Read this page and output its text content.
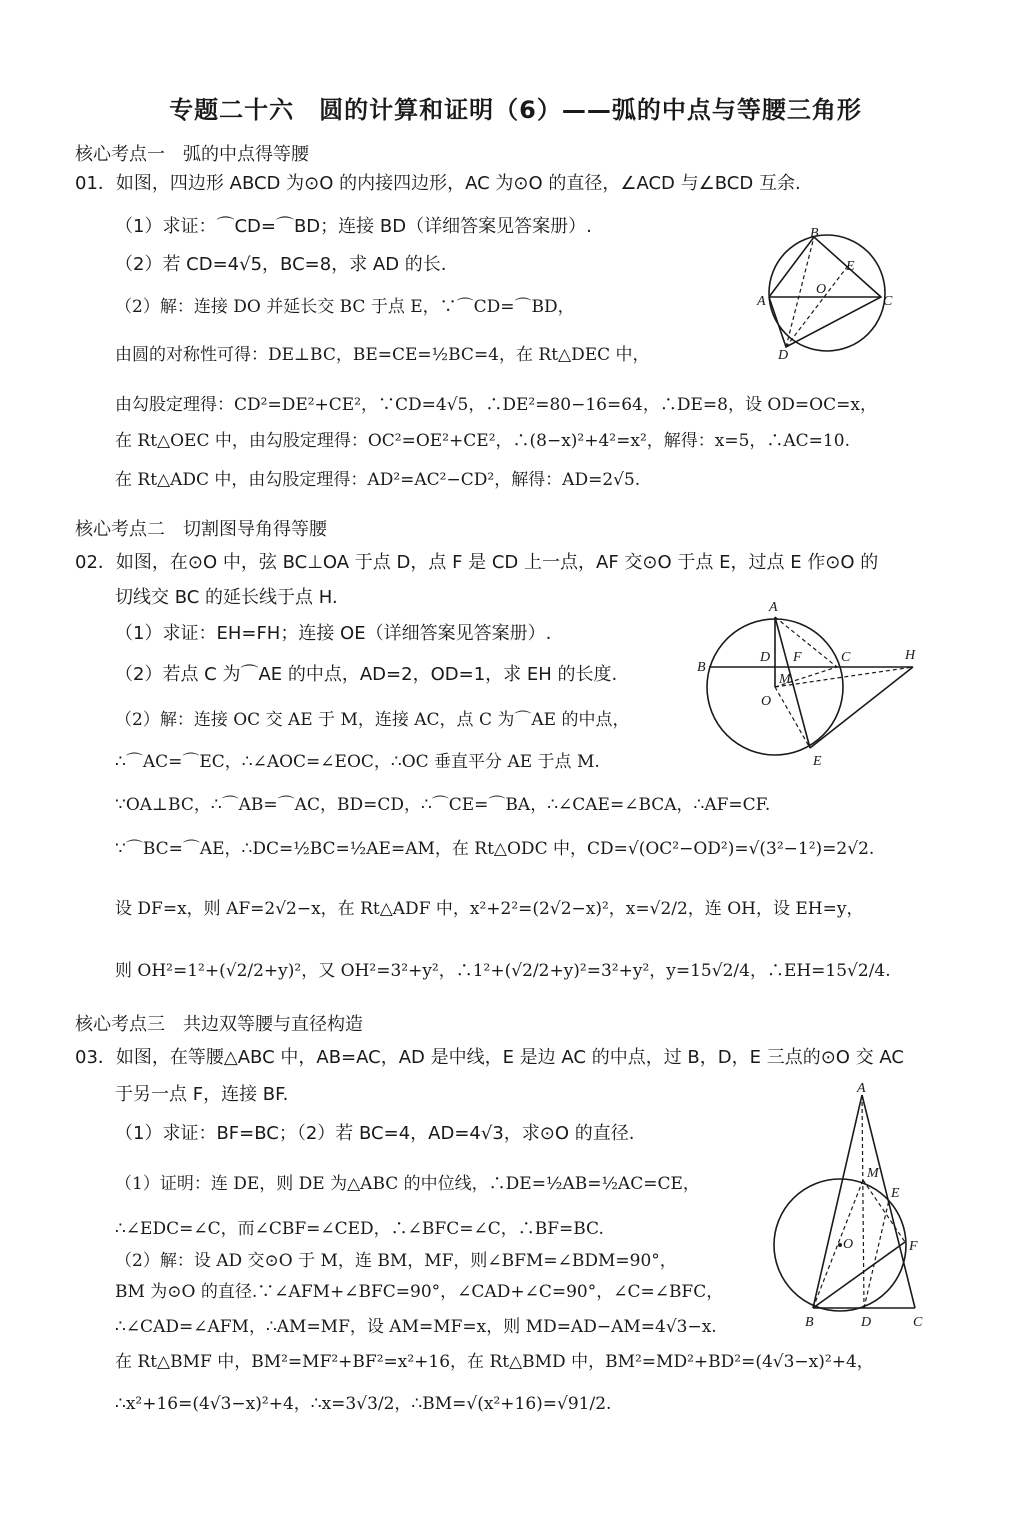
专题二十六　圆的计算和证明（6）——弧的中点与等腰三角形
核心考点一　弧的中点得等腰
01．如图，四边形 ABCD 为⊙O 的内接四边形，AC 为⊙O 的直径，∠ACD 与∠BCD 互余.
（1）求证：⌒CD=⌒BD；连接 BD（详细答案见答案册）.
（2）若 CD=4√5，BC=8，求 AD 的长.
（2）解：连接 DO 并延长交 BC 于点 E，∵⌒CD=⌒BD，
由圆的对称性可得：DE⊥BC，BE=CE=½BC=4，在 Rt△DEC 中，
由勾股定理得：CD²=DE²+CE²，∵CD=4√5，∴DE²=80−16=64，∴DE=8，设 OD=OC=x，
在 Rt△OEC 中，由勾股定理得：OC²=OE²+CE²，∴(8−x)²+4²=x²，解得：x=5，∴AC=10.
在 Rt△ADC 中，由勾股定理得：AD²=AC²−CD²，解得：AD=2√5.
B
E
O
A	C
D
核心考点二　切割图导角得等腰
02．如图，在⊙O 中，弦 BC⊥OA 于点 D，点 F 是 CD 上一点，AF 交⊙O 于点 E，过点 E 作⊙O 的
切线交 BC 的延长线于点 H.
（1）求证：EH=FH；连接 OE（详细答案见答案册）.
（2）若点 C 为⌒AE 的中点，AD=2，OD=1，求 EH 的长度.
（2）解：连接 OC 交 AE 于 M，连接 AC，点 C 为⌒AE 的中点，
∴⌒AC=⌒EC，∴∠AOC=∠EOC，∴OC 垂直平分 AE 于点 M.
∵OA⊥BC，∴⌒AB=⌒AC，BD=CD，∴⌒CE=⌒BA，∴∠CAE=∠BCA，∴AF=CF.
∵⌒BC=⌒AE，∴DC=½BC=½AE=AM，在 Rt△ODC 中，CD=√(OC²−OD²)=√(3²−1²)=2√2.
设 DF=x，则 AF=2√2−x，在 Rt△ADF 中，x²+2²=(2√2−x)²，x=√2/2，连 OH，设 EH=y，
则 OH²=1²+(√2/2+y)²，又 OH²=3²+y²，∴1²+(√2/2+y)²=3²+y²，y=15√2/4，∴EH=15√2/4.
A
D F	C	H
B
M
O
E
核心考点三　共边双等腰与直径构造
03．如图，在等腰△ABC 中，AB=AC，AD 是中线，E 是边 AC 的中点，过 B，D，E 三点的⊙O 交 AC
于另一点 F，连接 BF.
（1）求证：BF=BC；（2）若 BC=4，AD=4√3，求⊙O 的直径.
（1）证明：连 DE，则 DE 为△ABC 的中位线，∴DE=½AB=½AC=CE，
∴∠EDC=∠C，而∠CBF=∠CED，∴∠BFC=∠C，∴BF=BC.
（2）解：设 AD 交⊙O 于 M，连 BM，MF，则∠BFM=∠BDM=90°，
BM 为⊙O 的直径.∵∠AFM+∠BFC=90°，∠CAD+∠C=90°，∠C=∠BFC，
∴∠CAD=∠AFM，∴AM=MF，设 AM=MF=x，则 MD=AD−AM=4√3−x.
在 Rt△BMF 中，BM²=MF²+BF²=x²+16，在 Rt△BMD 中，BM²=MD²+BD²=(4√3−x)²+4，
∴x²+16=(4√3−x)²+4，∴x=3√3/2，∴BM=√(x²+16)=√91/2.
A
M
E
O	F
B	D	C
